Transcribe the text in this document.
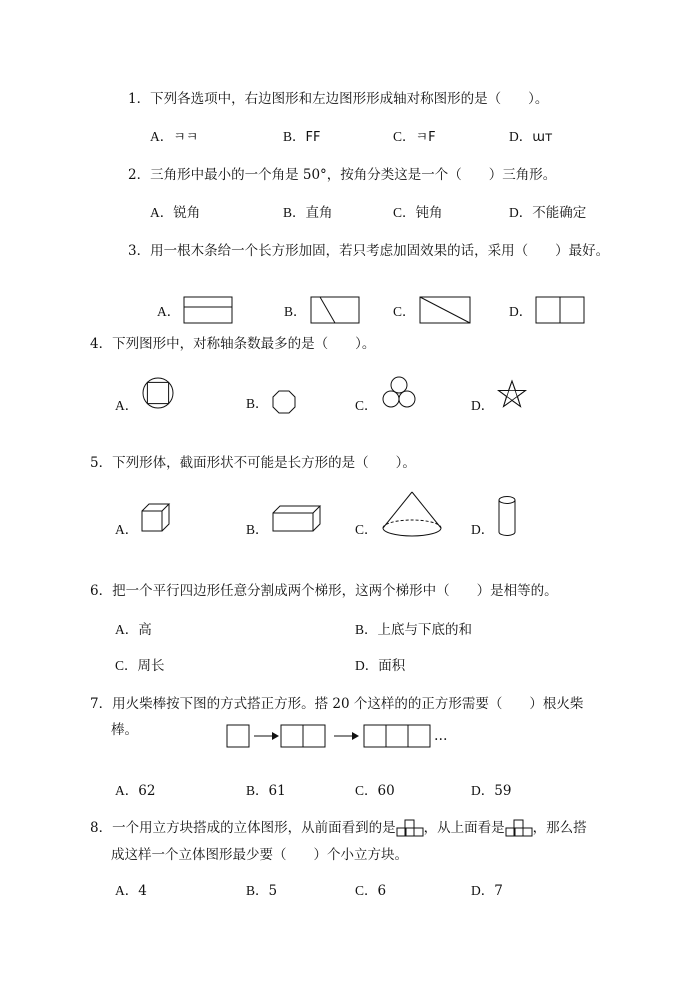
1．下列各选项中，右边图形和左边图形形成轴对称图形的是（　　）。
A．ㅋㅋ	B．FF	C．ㅋF	D．ɯᴛ
2．三角形中最小的一个角是 50°，按角分类这是一个（　　）三角形。
A．锐角	B．直角	C．钝角	D．不能确定
3．用一根木条给一个长方形加固，若只考虑加固效果的话，采用（　　）最好。
A．	B．	C．	D．
4．下列图形中，对称轴条数最多的是（　　）。
A．	B．	C．	D．
5．下列形体，截面形状不可能是长方形的是（　　）。
A．	B．	C．	D．
6．把一个平行四边形任意分割成两个梯形，这两个梯形中（　　）是相等的。
A．高	B．上底与下底的和
C．周长	D．面积
7．用火柴棒按下图的方式搭正方形。搭 20 个这样的的正方形需要（　　）根火柴
棒。	…
A．62	B．61	C．60	D．59
8．一个用立方块搭成的立体图形，从前面看到的是 ，从上面看是 ，那么搭
成这样一个立体图形最少要（　　）个小立方块。
A．4	B．5	C．6	D．7
